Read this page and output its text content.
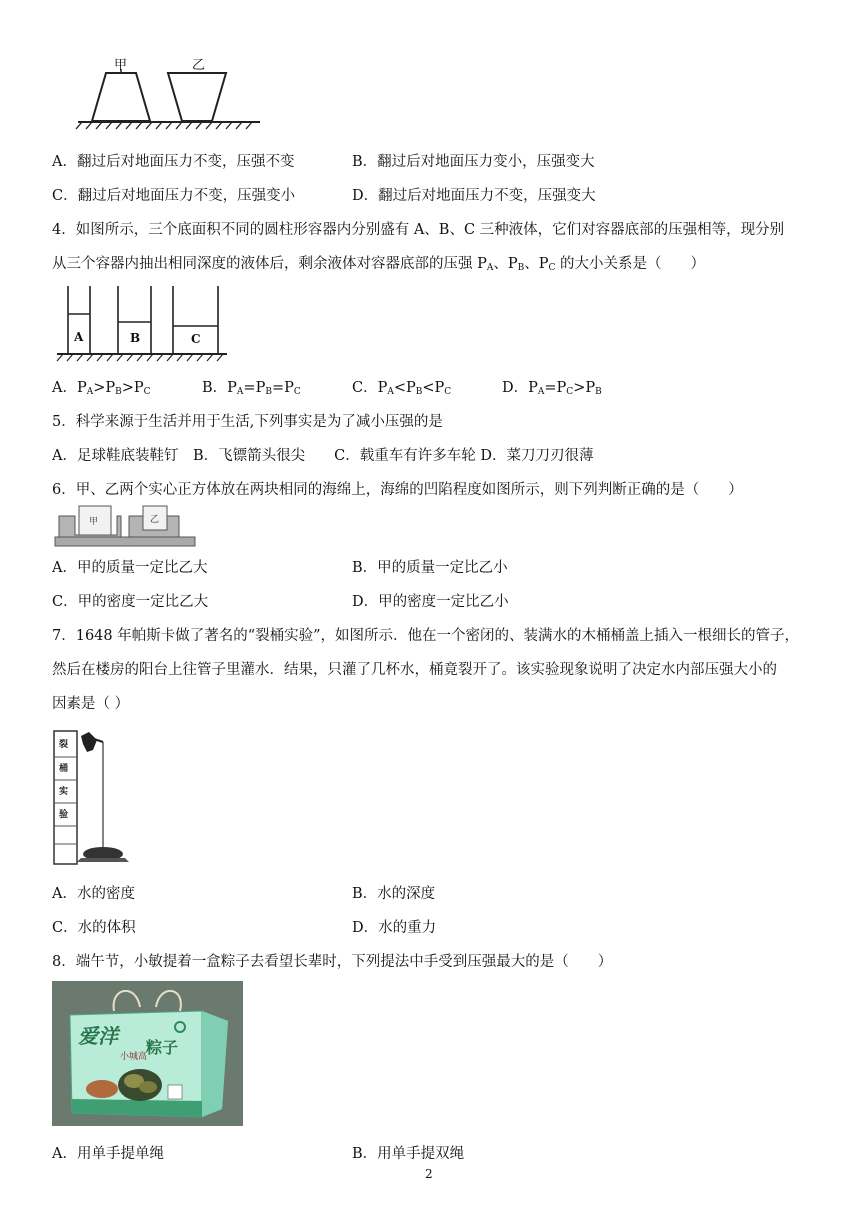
甲	乙
A．翻过后对地面压力不变，压强不变	B．翻过后对地面压力变小，压强变大
C．翻过后对地面压力不变，压强变小	D．翻过后对地面压力不变，压强变大
4．如图所示，三个底面积不同的圆柱形容器内分别盛有 A、B、C 三种液体，它们对容器底部的压强相等，现分别
从三个容器内抽出相同深度的液体后，剩余液体对容器底部的压强 $P_A$、$P_B$、$P_C$ 的大小关系是（　　）
A	B	C
A．$P_A>P_B>P_C$	B．$P_A=P_B=P_C$	C．$P_A<P_B<P_C$	D．$P_A=P_C>P_B$
5．科学来源于生活并用于生活,下列事实是为了减小压强的是
A．足球鞋底装鞋钉　B．飞镖箭头很尖　　C．载重车有许多车轮 D．菜刀刀刃很薄
6．甲、乙两个实心正方体放在两块相同的海绵上，海绵的凹陷程度如图所示，则下列判断正确的是（　　）
甲	乙
A．甲的质量一定比乙大	B．甲的质量一定比乙小
C．甲的密度一定比乙大	D．甲的密度一定比乙小
7．1648 年帕斯卡做了著名的“裂桶实验”，如图所示．他在一个密闭的、装满水的木桶桶盖上插入一根细长的管子，
然后在楼房的阳台上往管子里灌水．结果，只灌了几杯水，桶竟裂开了。该实验现象说明了决定水内部压强大小的
因素是（ ）
裂
桶
实
验
A．水的密度	B．水的深度
C．水的体积	D．水的重力
8．端午节，小敏提着一盒粽子去看望长辈时，下列提法中手受到压强最大的是（　　）
爱洋
小城高
粽子
A．用单手提单绳	B．用单手提双绳
2
